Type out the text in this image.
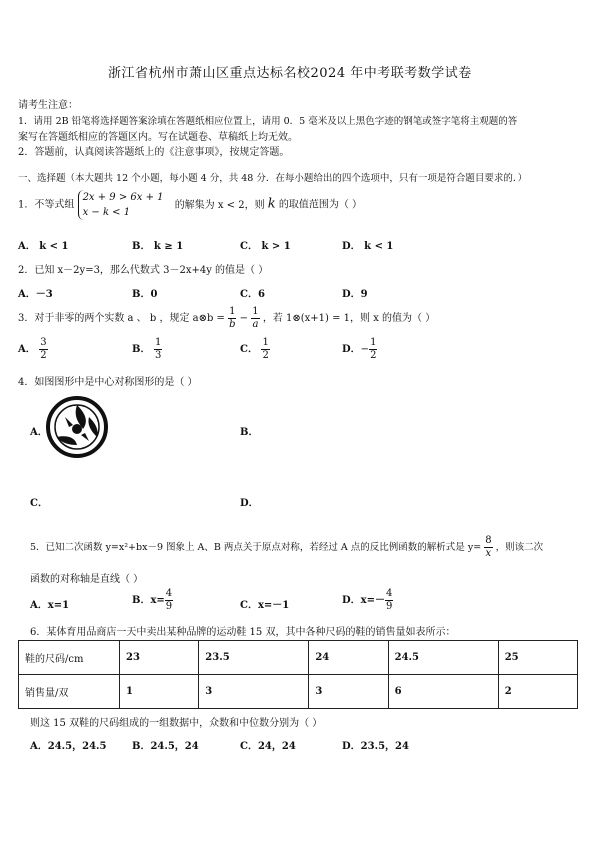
浙江省杭州市萧山区重点达标名校2024 年中考联考数学试卷
请考生注意：
1．请用 2B 铅笔将选择题答案涂填在答题纸相应位置上，请用 0．5 毫米及以上黑色字迹的钢笔或签字笔将主观题的答
案写在答题纸相应的答题区内。写在试题卷、草稿纸上均无效。
2．答题前，认真阅读答题纸上的《注意事项》，按规定答题。
一、选择题（本大题共 12 个小题，每小题 4 分，共 48 分．在每小题给出的四个选项中，只有一项是符合题目要求的．）
1．不等式组
2x + 9 > 6x + 1
x − k < 1
的解集为 x < 2，则 k 的取值范围为（ ）
A． k < 1	B． k ≥ 1	C． k > 1	D． k < 1
2．已知 x－2y=3，那么代数式 3－2x+4y 的值是（ ）
A．－3	B．0	C．6	D．9
3．对于非零的两个实数 a 、 b ，规定 a⊗b = $\frac{1}{b} - \frac{1}{a}$ ，若 1⊗(x+1) = 1，则 x 的值为（ ）
A． $\frac{3}{2}$	B． $\frac{1}{3}$	C． $\frac{1}{2}$	D．− $\frac{1}{2}$
4．如图图形中是中心对称图形的是（ ）
A．	B．
C．	D．
5．已知二次函数 y=x²+bx－9 图象上 A、B 两点关于原点对称，若经过 A 点的反比例函数的解析式是 $y= \frac{8}{x}$ ，则该二次
函数的对称轴是直线（ ）
A．x=1	B．$x= \frac{4}{9}$	C．x=－1	D．$x=- \frac{4}{9}$
6．某体育用品商店一天中卖出某种品牌的运动鞋 15 双，其中各种尺码的鞋的销售量如表所示：
鞋的尺码/cm	23	23.5	24	24.5	25
销售量/双	1	3	3	6	2
则这 15 双鞋的尺码组成的一组数据中，众数和中位数分别为（ ）
A．24.5，24.5	B．24.5，24	C．24，24	D．23.5，24
